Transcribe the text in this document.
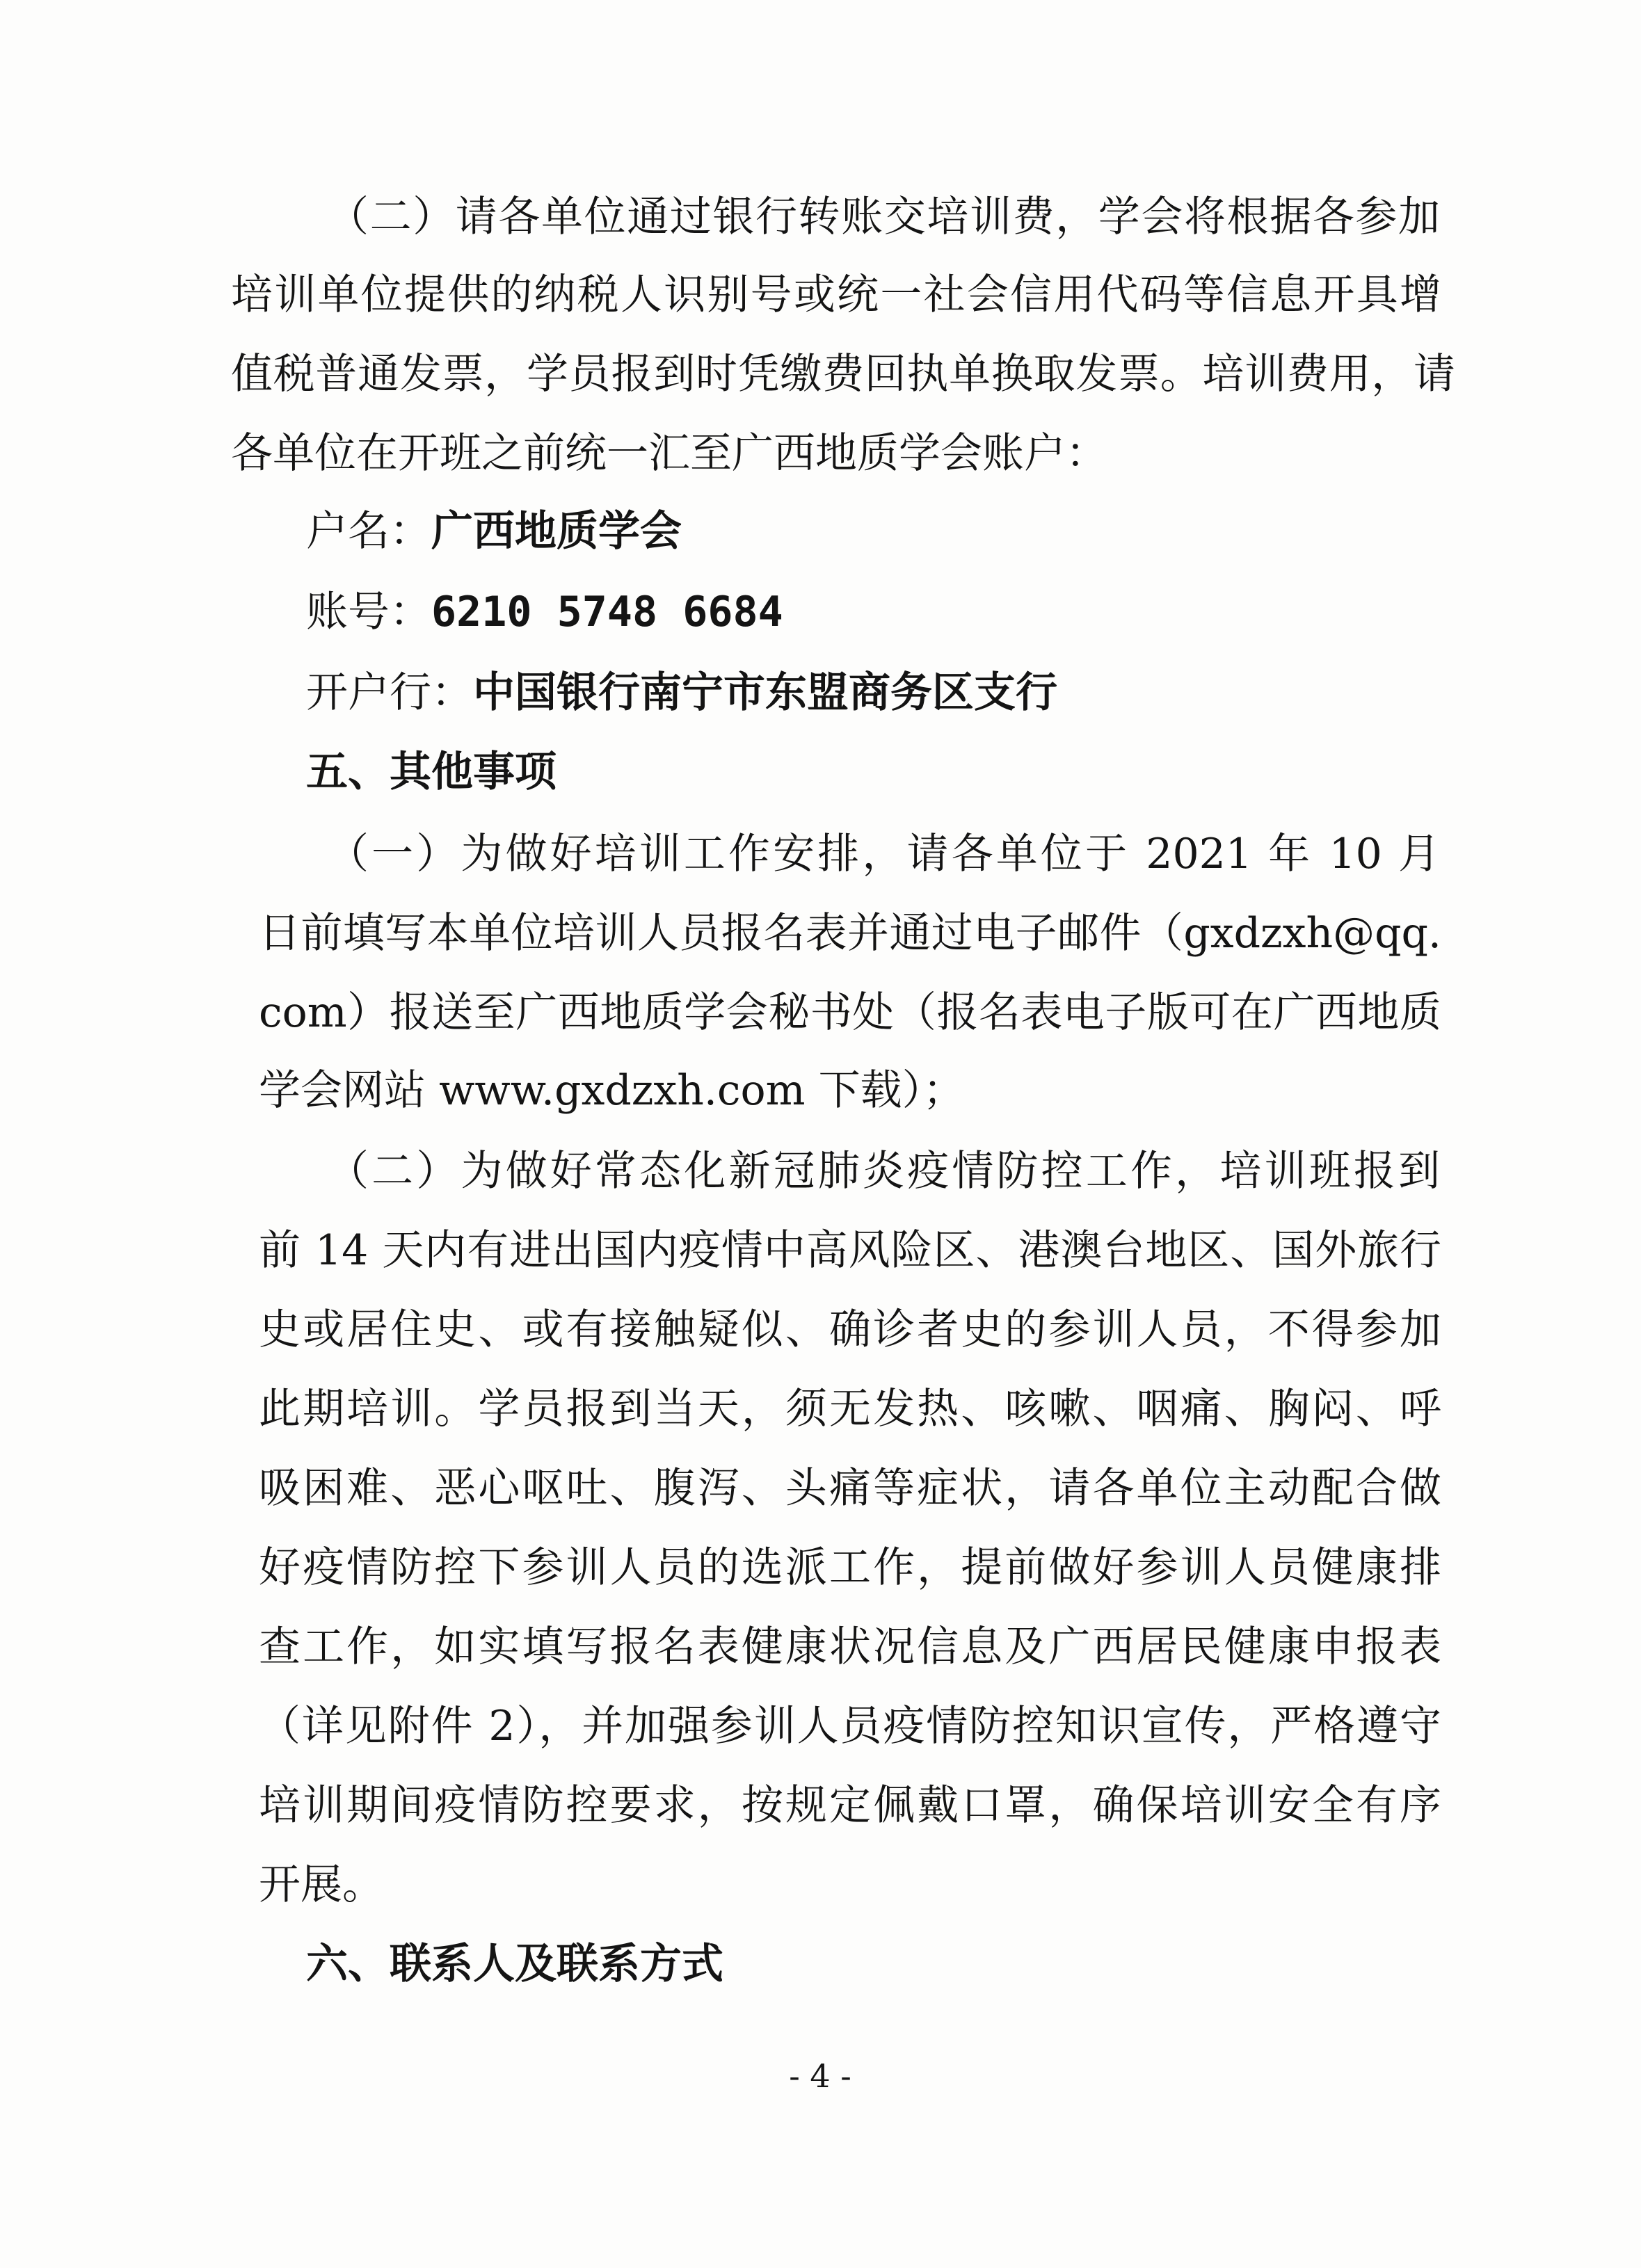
（二）请各单位通过银行转账交培训费，学会将根据各参加
培训单位提供的纳税人识别号或统一社会信用代码等信息开具增
值税普通发票，学员报到时凭缴费回执单换取发票。培训费用，请
各单位在开班之前统一汇至广西地质学会账户：
户名：广西地质学会
账号：6210 5748 6684
开户行：中国银行南宁市东盟商务区支行
五、其他事项
（一）为做好培训工作安排，请各单位于 2021 年 10 月
日前填写本单位培训人员报名表并通过电子邮件（gxdzxh@qq.
com）报送至广西地质学会秘书处（报名表电子版可在广西地质
学会网站 www.gxdzxh.com 下载）；
（二）为做好常态化新冠肺炎疫情防控工作，培训班报到
前 14 天内有进出国内疫情中高风险区、港澳台地区、国外旅行
史或居住史、或有接触疑似、确诊者史的参训人员，不得参加
此期培训。学员报到当天，须无发热、咳嗽、咽痛、胸闷、呼
吸困难、恶心呕吐、腹泻、头痛等症状，请各单位主动配合做
好疫情防控下参训人员的选派工作，提前做好参训人员健康排
查工作，如实填写报名表健康状况信息及广西居民健康申报表
（详见附件 2），并加强参训人员疫情防控知识宣传，严格遵守
培训期间疫情防控要求，按规定佩戴口罩，确保培训安全有序
开展。
六、联系人及联系方式
- 4 -
